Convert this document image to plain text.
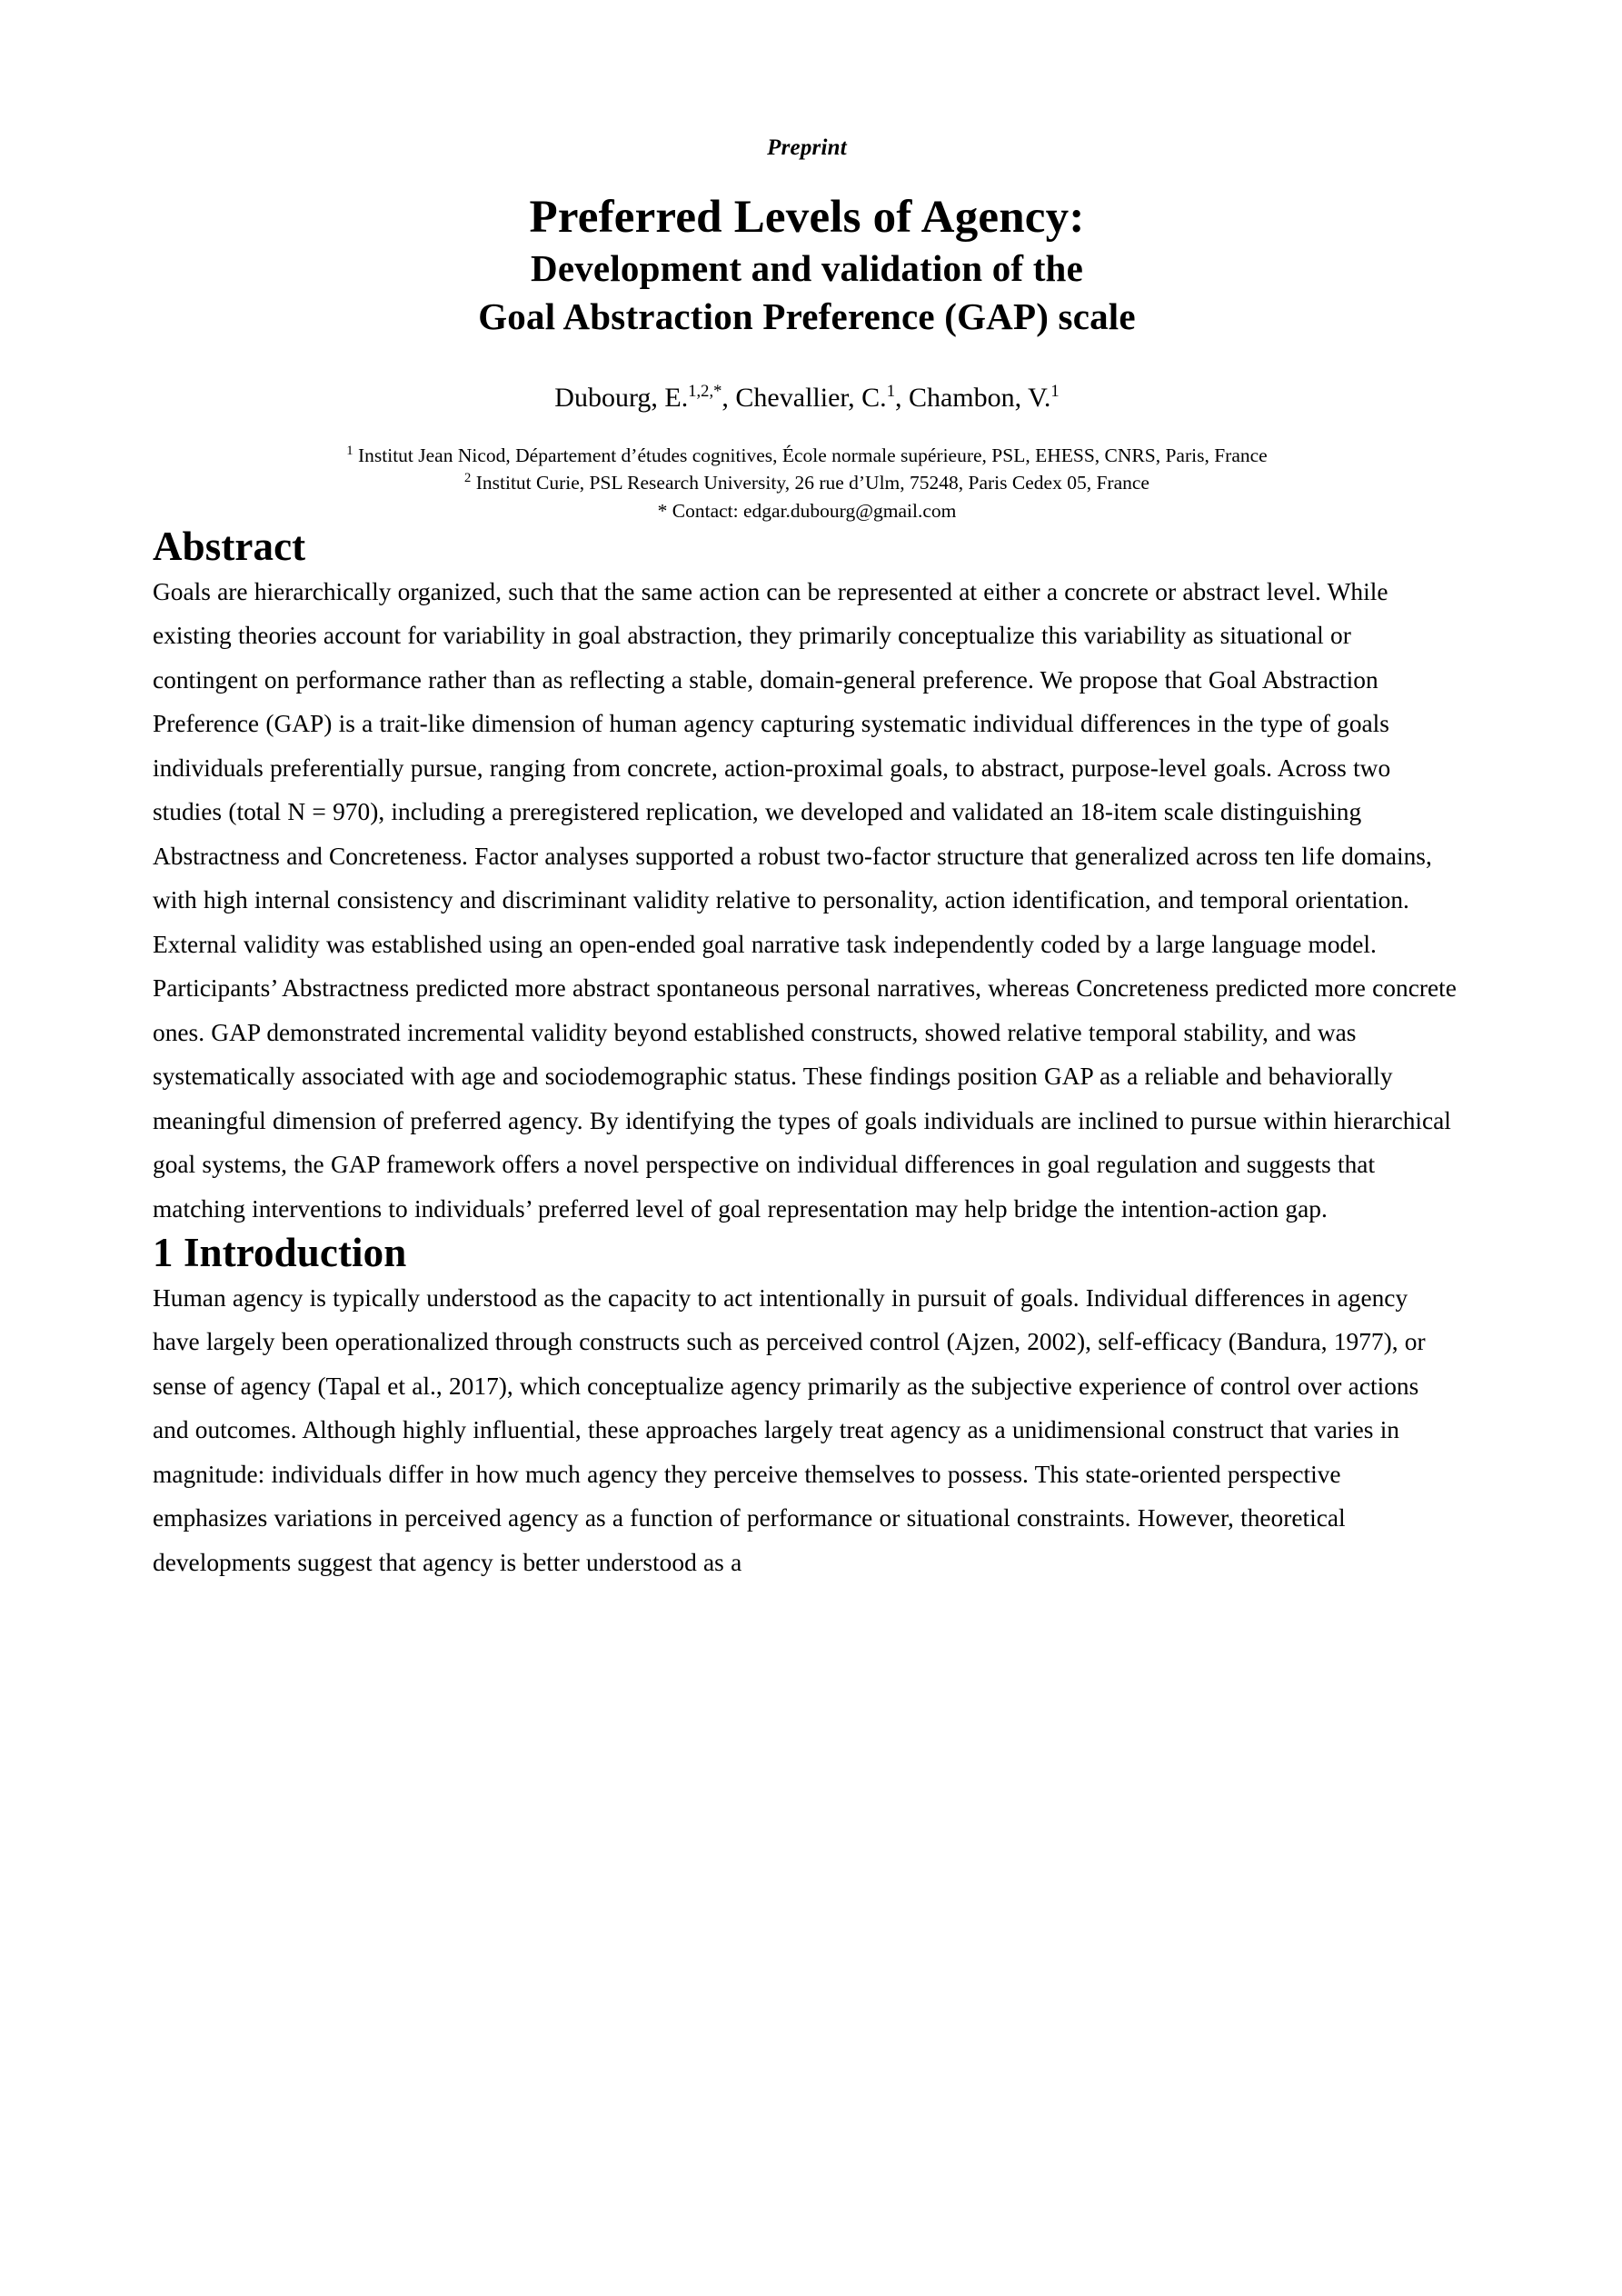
Preprint
Preferred Levels of Agency:
Development and validation of the
Goal Abstraction Preference (GAP) scale
Dubourg, E.$^{1,2,*}$, Chevallier, C.$^1$, Chambon, V.$^1$
$^1$ Institut Jean Nicod, Département d’études cognitives, École normale supérieure, PSL, EHESS, CNRS, Paris, France
$^2$ Institut Curie, PSL Research University, 26 rue d’Ulm, 75248, Paris Cedex 05, France
* Contact: edgar.dubourg@gmail.com
Abstract

Goals are hierarchically organized, such that the same action can be represented at either a concrete or abstract level. While existing theories account for variability in goal abstraction, they primarily conceptualize this variability as situational or contingent on performance rather than as reflecting a stable, domain-general preference. We propose that Goal Abstraction Preference (GAP) is a trait-like dimension of human agency capturing systematic individual differences in the type of goals individuals preferentially pursue, ranging from concrete, action-proximal goals, to abstract, purpose-level goals. Across two studies (total N = 970), including a preregistered replication, we developed and validated an 18-item scale distinguishing Abstractness and Concreteness. Factor analyses supported a robust two-factor structure that generalized across ten life domains, with high internal consistency and discriminant validity relative to personality, action identification, and temporal orientation. External validity was established using an open-ended goal narrative task independently coded by a large language model. Participants’ Abstractness predicted more abstract spontaneous personal narratives, whereas Concreteness predicted more concrete ones. GAP demonstrated incremental validity beyond established constructs, showed relative temporal stability, and was systematically associated with age and sociodemographic status. These findings position GAP as a reliable and behaviorally meaningful dimension of preferred agency. By identifying the types of goals individuals are inclined to pursue within hierarchical goal systems, the GAP framework offers a novel perspective on individual differences in goal regulation and suggests that matching interventions to individuals’ preferred level of goal representation may help bridge the intention-action gap.

1 Introduction

Human agency is typically understood as the capacity to act intentionally in pursuit of goals. Individual differences in agency have largely been operationalized through constructs such as perceived control (Ajzen, 2002), self-efficacy (Bandura, 1977), or sense of agency (Tapal et al., 2017), which conceptualize agency primarily as the subjective experience of control over actions and outcomes. Although highly influential, these approaches largely treat agency as a unidimensional construct that varies in magnitude: individuals differ in how much agency they perceive themselves to possess. This state-oriented perspective emphasizes variations in perceived agency as a function of performance or situational constraints. However, theoretical developments suggest that agency is better understood as a
